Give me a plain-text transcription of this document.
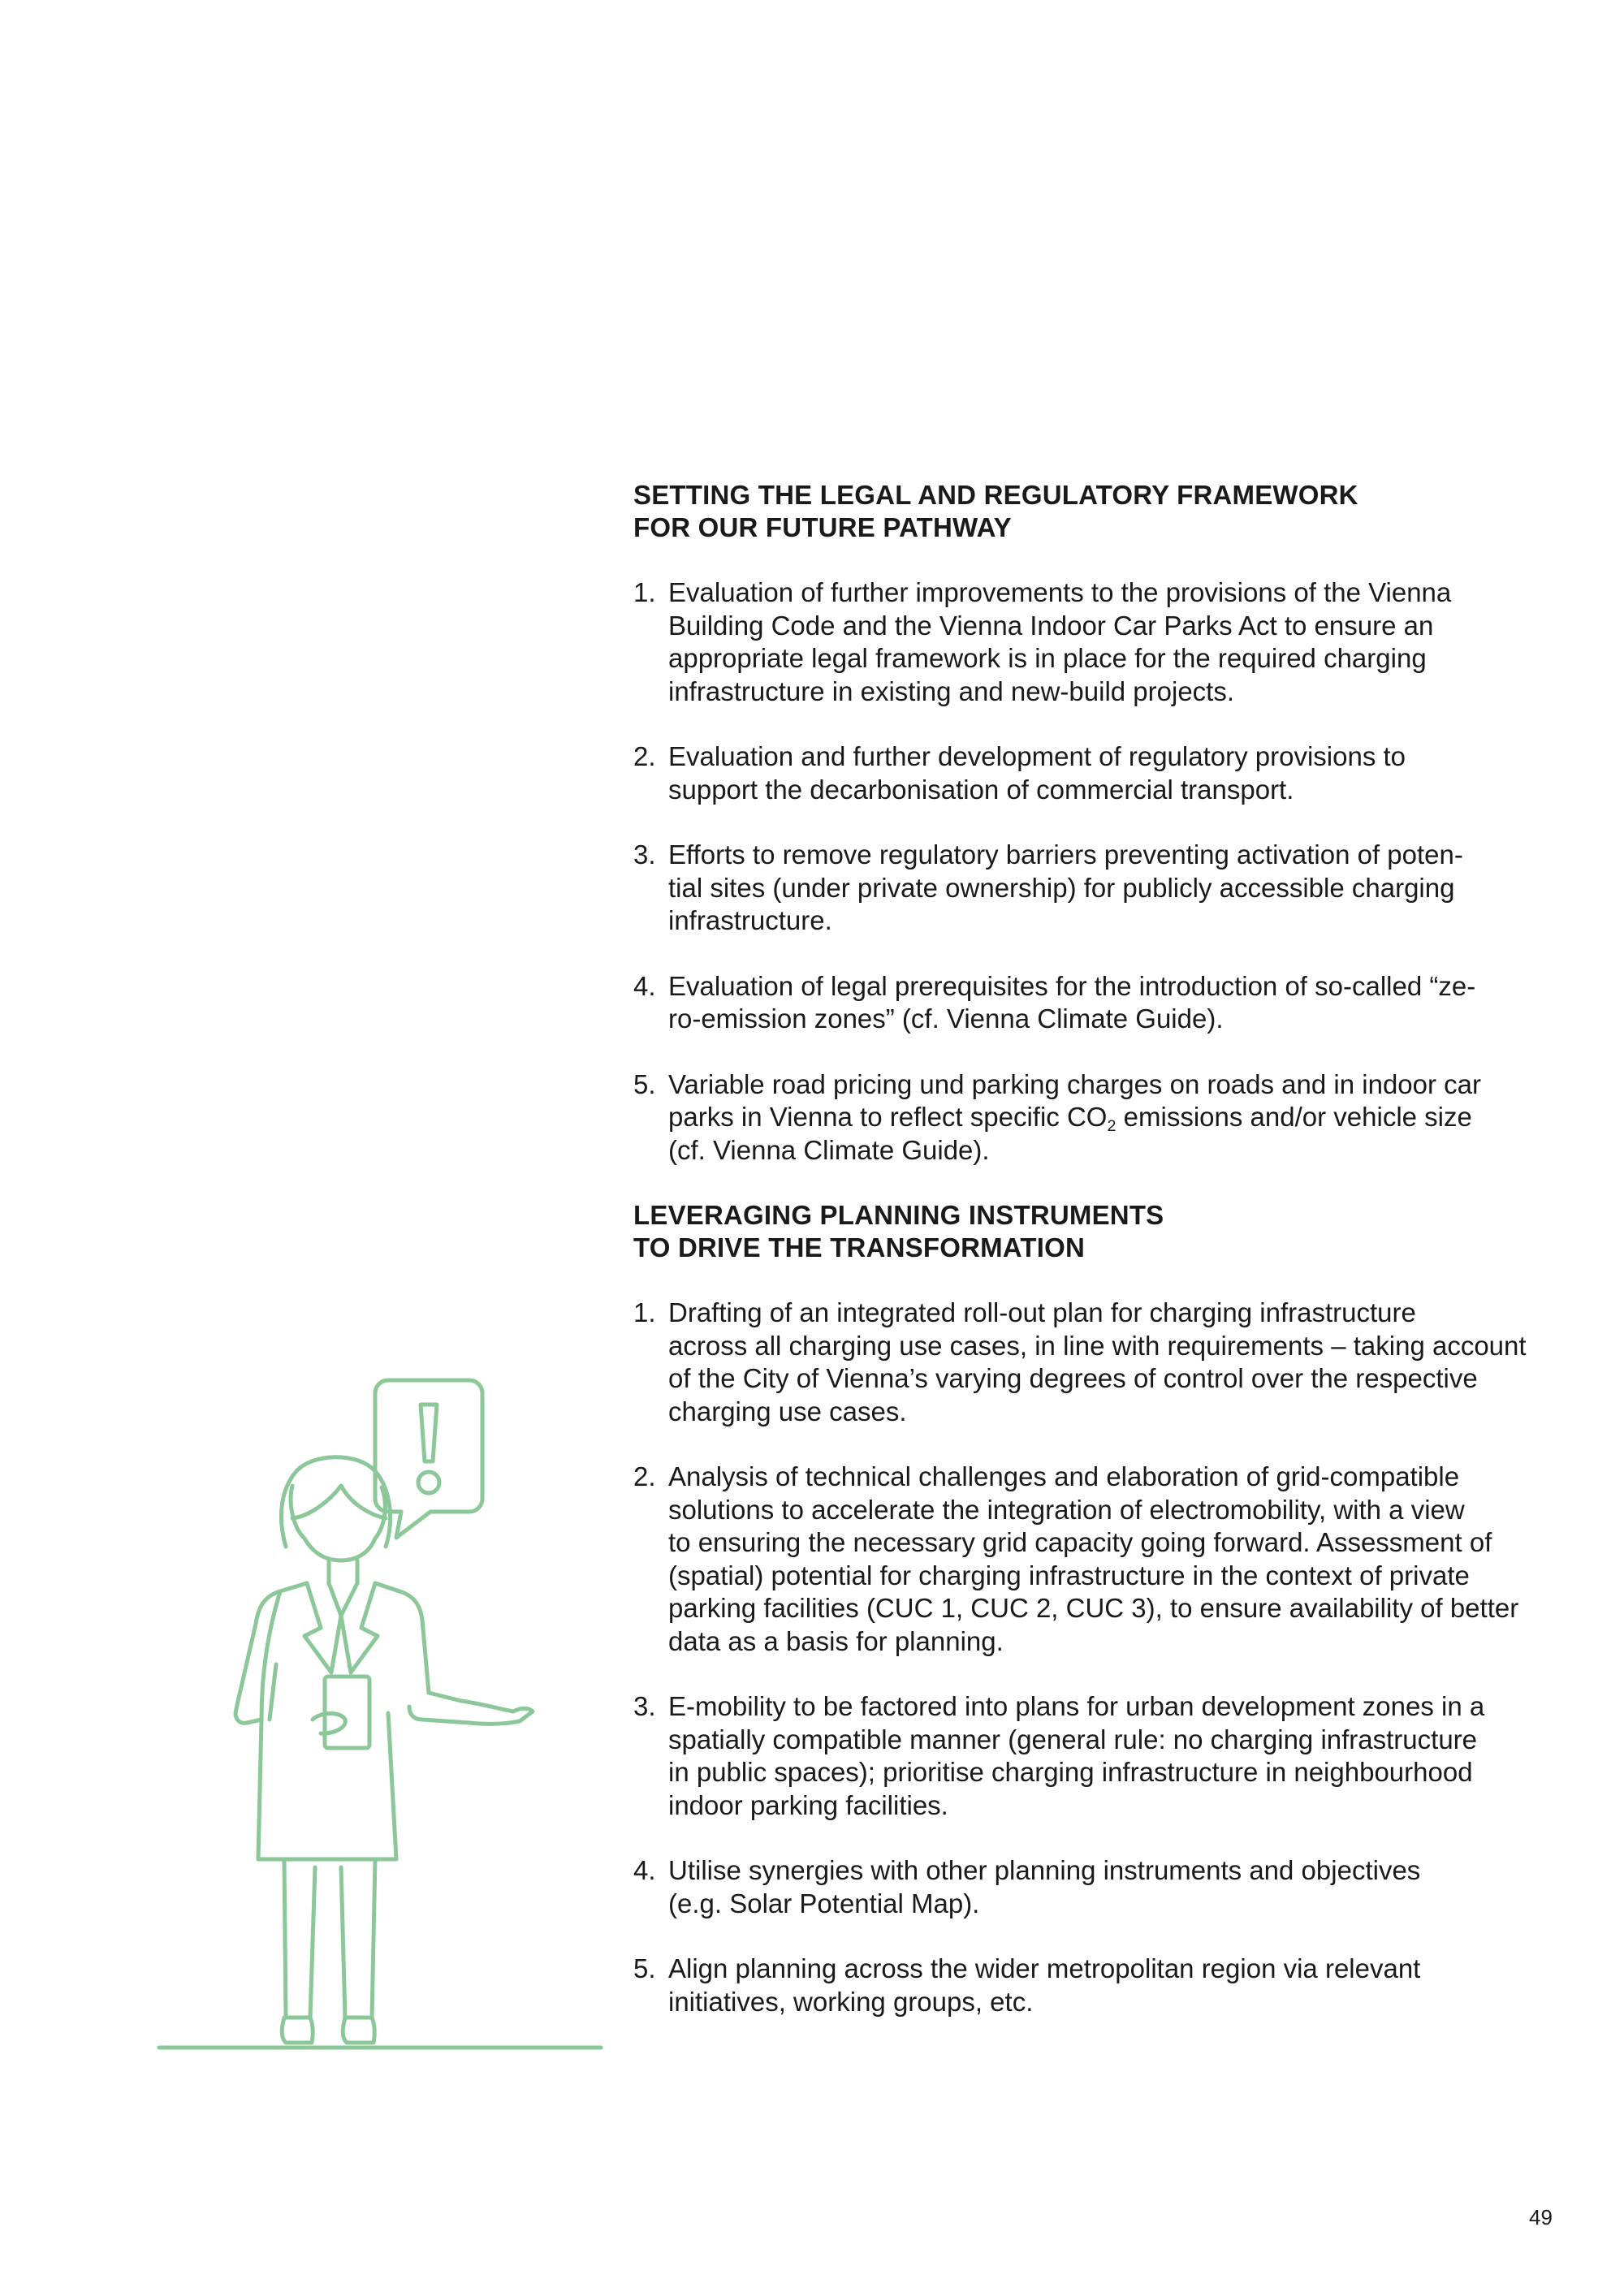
SETTING THE LEGAL AND REGULATORY FRAMEWORK
FOR OUR FUTURE PATHWAY
1. Evaluation of further improvements to the provisions of the Vienna
Building Code and the Vienna Indoor Car Parks Act to ensure an
appropriate legal framework is in place for the required charging
infrastructure in existing and new-build projects.
2. Evaluation and further development of regulatory provisions to
support the decarbonisation of commercial transport.
3. Efforts to remove regulatory barriers preventing activation of poten-
tial sites (under private ownership) for publicly accessible charging
infrastructure.
4. Evaluation of legal prerequisites for the introduction of so-called “ze-
ro-emission zones” (cf. Vienna Climate Guide).
5. Variable road pricing und parking charges on roads and in indoor car
parks in Vienna to reflect specific $CO_2$ emissions and/or vehicle size
(cf. Vienna Climate Guide).
LEVERAGING PLANNING INSTRUMENTS
TO DRIVE THE TRANSFORMATION
1. Drafting of an integrated roll-out plan for charging infrastructure
across all charging use cases, in line with requirements – taking account
of the City of Vienna’s varying degrees of control over the respective
charging use cases.
2. Analysis of technical challenges and elaboration of grid-compatible
solutions to accelerate the integration of electromobility, with a view
to ensuring the necessary grid capacity going forward. Assessment of
(spatial) potential for charging infrastructure in the context of private
parking facilities (CUC 1, CUC 2, CUC 3), to ensure availability of better
data as a basis for planning.
3. E-mobility to be factored into plans for urban development zones in a
spatially compatible manner (general rule: no charging infrastructure
in public spaces); prioritise charging infrastructure in neighbourhood
indoor parking facilities.
4. Utilise synergies with other planning instruments and objectives
(e.g. Solar Potential Map).
5. Align planning across the wider metropolitan region via relevant
initiatives, working groups, etc.
49
